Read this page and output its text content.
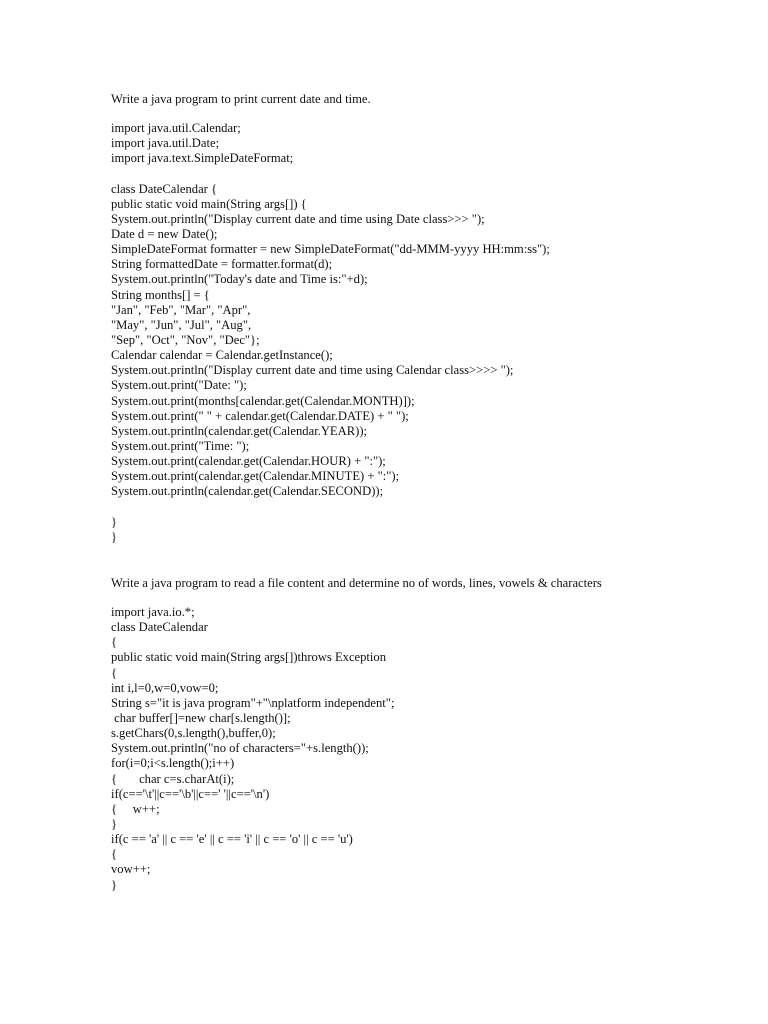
Write a java program to print current date and time.
import java.util.Calendar;
import java.util.Date;
import java.text.SimpleDateFormat;
class DateCalendar {
public static void main(String args[]) {
System.out.println("Display current date and time using Date class>>> ");
Date d = new Date();
SimpleDateFormat formatter = new SimpleDateFormat("dd-MMM-yyyy HH:mm:ss");
String formattedDate = formatter.format(d);
System.out.println("Today's date and Time is:"+d);
String months[] = {
"Jan", "Feb", "Mar", "Apr",
"May", "Jun", "Jul", "Aug",
"Sep", "Oct", "Nov", "Dec"};
Calendar calendar = Calendar.getInstance();
System.out.println("Display current date and time using Calendar class>>>> ");
System.out.print("Date: ");
System.out.print(months[calendar.get(Calendar.MONTH)]);
System.out.print(" " + calendar.get(Calendar.DATE) + " ");
System.out.println(calendar.get(Calendar.YEAR));
System.out.print("Time: ");
System.out.print(calendar.get(Calendar.HOUR) + ":");
System.out.print(calendar.get(Calendar.MINUTE) + ":");
System.out.println(calendar.get(Calendar.SECOND));
}
}
Write a java program to read a file content and determine no of words, lines, vowels & characters
import java.io.*;
class DateCalendar
{
public static void main(String args[])throws Exception
{
int i,l=0,w=0,vow=0;
String s="it is java program"+"\nplatform independent";
char buffer[]=new char[s.length()];
s.getChars(0,s.length(),buffer,0);
System.out.println("no of characters="+s.length());
for(i=0;i<s.length();i++)
{       char c=s.charAt(i);
if(c=='\t'||c=='\b'||c==' '||c=='\n')
{     w++;
}
if(c == 'a' || c == 'e' || c == 'i' || c == 'o' || c == 'u')
{
vow++;
}
